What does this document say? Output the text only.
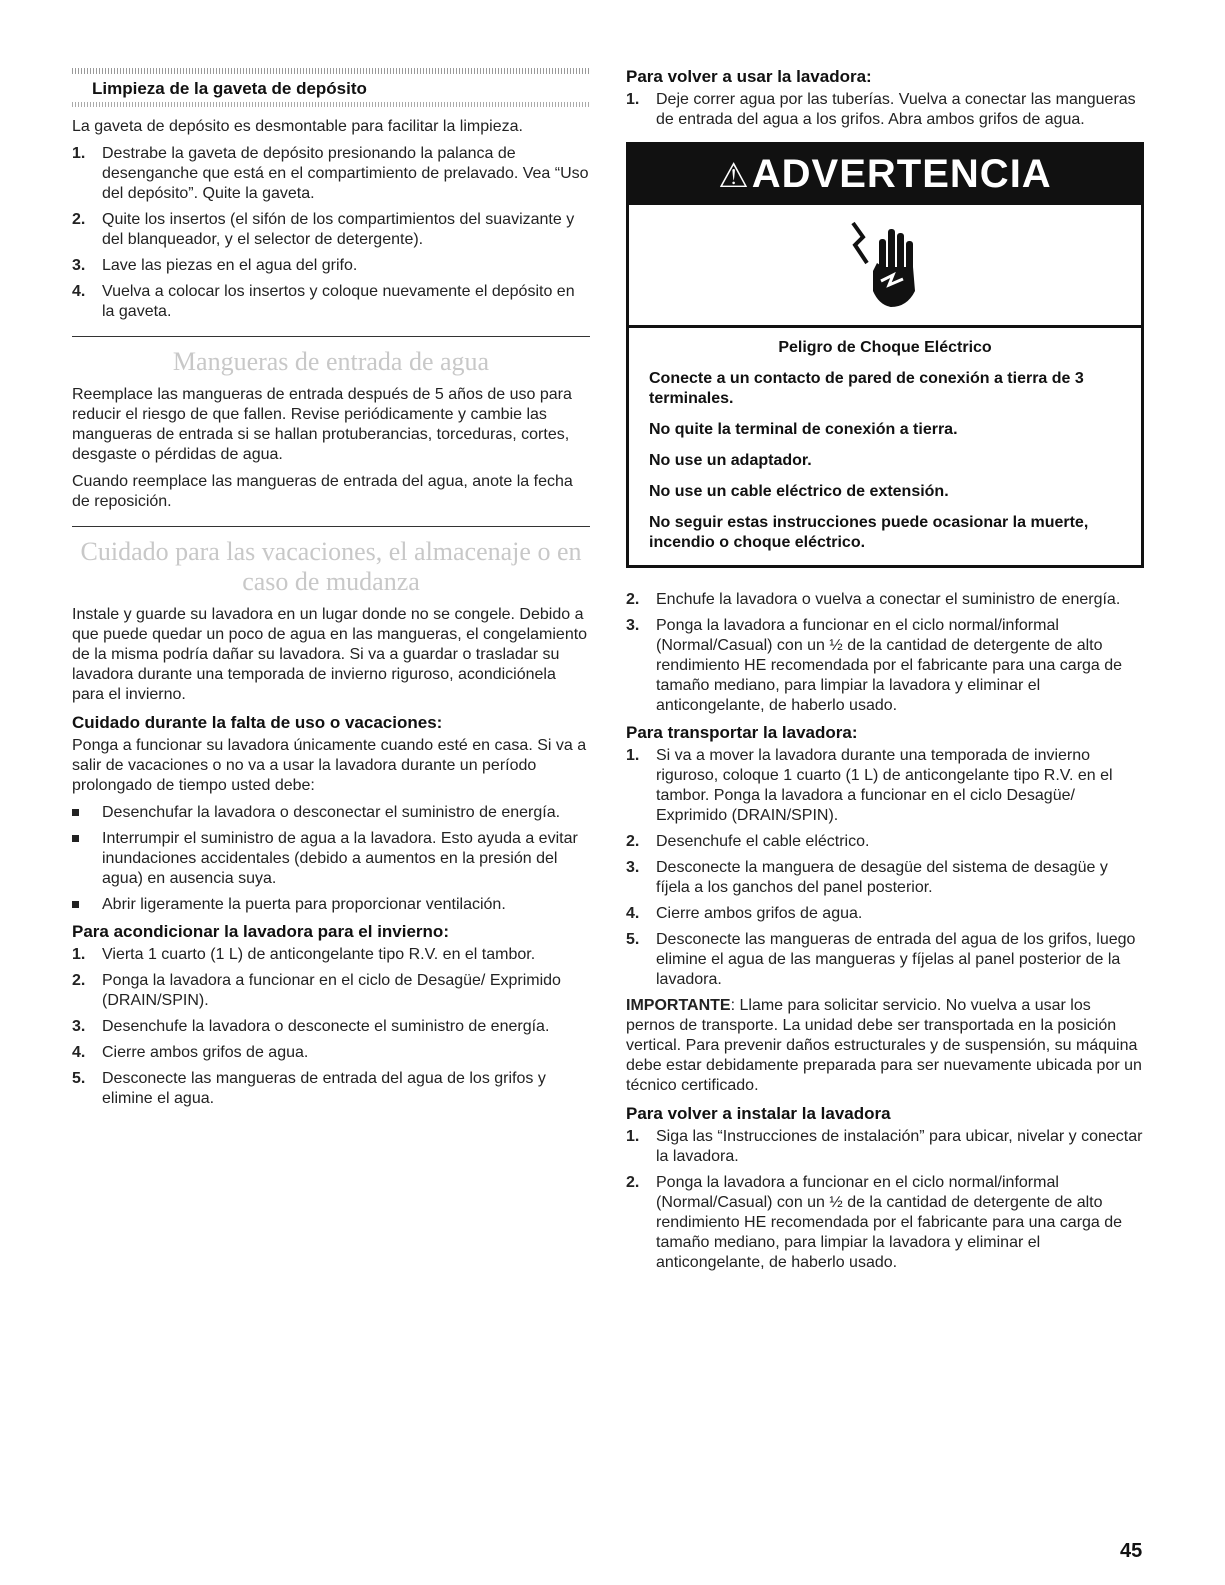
Limpieza de la gaveta de depósito

La gaveta de depósito es desmontable para facilitar la limpieza.

1. Destrabe la gaveta de depósito presionando la palanca de desenganche que está en el compartimiento de prelavado. Vea “Uso del depósito”. Quite la gaveta.
2. Quite los insertos (el sifón de los compartimientos del suavizante y del blanqueador, y el selector de detergente).
3. Lave las piezas en el agua del grifo.
4. Vuelva a colocar los insertos y coloque nuevamente el depósito en la gaveta.
Mangueras de entrada de agua

Reemplace las mangueras de entrada después de 5 años de uso para reducir el riesgo de que fallen. Revise periódicamente y cambie las mangueras de entrada si se hallan protuberancias, torceduras, cortes, desgaste o pérdidas de agua.

Cuando reemplace las mangueras de entrada del agua, anote la fecha de reposición.

Cuidado para las vacaciones, el almacenaje o en caso de mudanza

Instale y guarde su lavadora en un lugar donde no se congele. Debido a que puede quedar un poco de agua en las mangueras, el congelamiento de la misma podría dañar su lavadora. Si va a guardar o trasladar su lavadora durante una temporada de invierno riguroso, acondiciónela para el invierno.

Cuidado durante la falta de uso o vacaciones:

Ponga a funcionar su lavadora únicamente cuando esté en casa. Si va a salir de vacaciones o no va a usar la lavadora durante un período prolongado de tiempo usted debe:

Desenchufar la lavadora o desconectar el suministro de energía.
Interrumpir el suministro de agua a la lavadora. Esto ayuda a evitar inundaciones accidentales (debido a aumentos en la presión del agua) en ausencia suya.
Abrir ligeramente la puerta para proporcionar ventilación.
Para acondicionar la lavadora para el invierno:
1. Vierta 1 cuarto (1 L) de anticongelante tipo R.V. en el tambor.
2. Ponga la lavadora a funcionar en el ciclo de Desagüe/ Exprimido (DRAIN/SPIN).
3. Desenchufe la lavadora o desconecte el suministro de energía.
4. Cierre ambos grifos de agua.
5. Desconecte las mangueras de entrada del agua de los grifos y elimine el agua.
Para volver a usar la lavadora:
1. Deje correr agua por las tuberías. Vuelva a conectar las mangueras de entrada del agua a los grifos. Abra ambos grifos de agua.
⚠ADVERTENCIA

Peligro de Choque Eléctrico

Conecte a un contacto de pared de conexión a tierra de 3 terminales.

No quite la terminal de conexión a tierra.

No use un adaptador.

No use un cable eléctrico de extensión.

No seguir estas instrucciones puede ocasionar la muerte, incendio o choque eléctrico.

2. Enchufe la lavadora o vuelva a conectar el suministro de energía.
3. Ponga la lavadora a funcionar en el ciclo normal/informal (Normal/Casual) con un ½ de la cantidad de detergente de alto rendimiento HE recomendada por el fabricante para una carga de tamaño mediano, para limpiar la lavadora y eliminar el anticongelante, de haberlo usado.
Para transportar la lavadora:
1. Si va a mover la lavadora durante una temporada de invierno riguroso, coloque 1 cuarto (1 L) de anticongelante tipo R.V. en el tambor. Ponga la lavadora a funcionar en el ciclo Desagüe/ Exprimido (DRAIN/SPIN).
2. Desenchufe el cable eléctrico.
3. Desconecte la manguera de desagüe del sistema de desagüe y fíjela a los ganchos del panel posterior.
4. Cierre ambos grifos de agua.
5. Desconecte las mangueras de entrada del agua de los grifos, luego elimine el agua de las mangueras y fíjelas al panel posterior de la lavadora.

IMPORTANTE: Llame para solicitar servicio. No vuelva a usar los pernos de transporte. La unidad debe ser transportada en la posición vertical. Para prevenir daños estructurales y de suspensión, su máquina debe estar debidamente preparada para ser nuevamente ubicada por un técnico certificado.

Para volver a instalar la lavadora
1. Siga las “Instrucciones de instalación” para ubicar, nivelar y conectar la lavadora.
2. Ponga la lavadora a funcionar en el ciclo normal/informal (Normal/Casual) con un ½ de la cantidad de detergente de alto rendimiento HE recomendada por el fabricante para una carga de tamaño mediano, para limpiar la lavadora y eliminar el anticongelante, de haberlo usado.
45
